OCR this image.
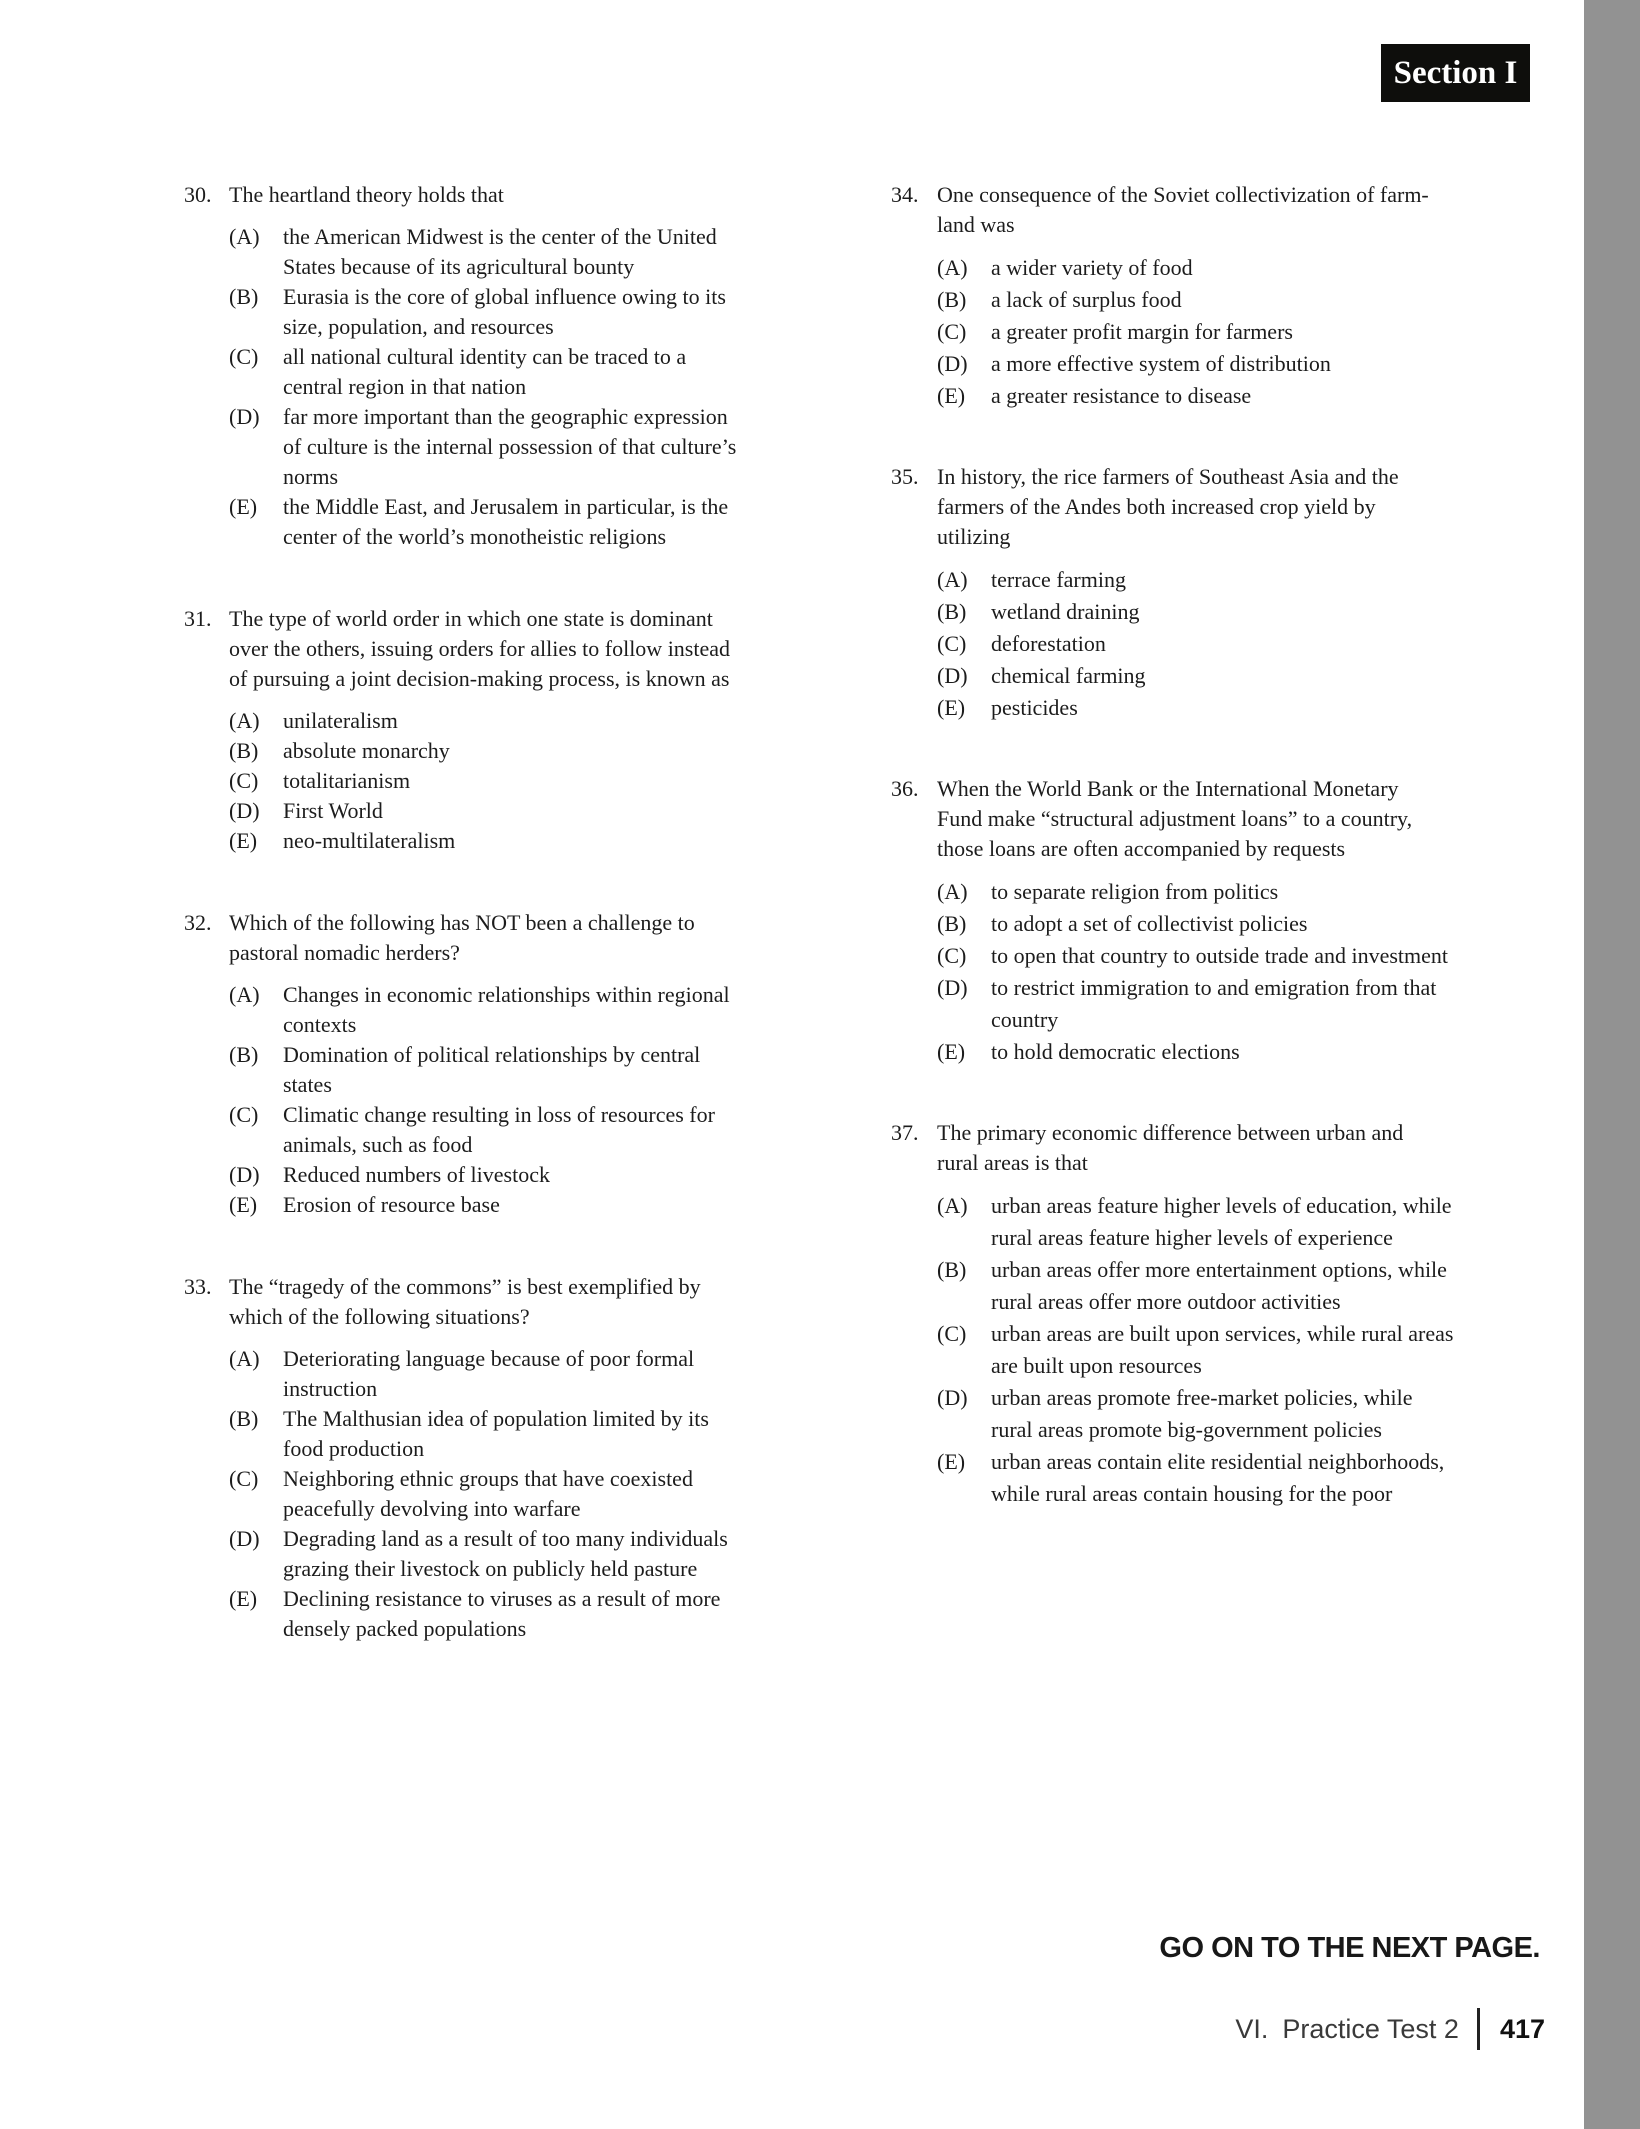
Section I
30. The heartland theory holds that
(A)	the American Midwest is the center of the United
States because of its agricultural bounty
(B)	Eurasia is the core of global influence owing to its
size, population, and resources
(C)	all national cultural identity can be traced to a
central region in that nation
(D)	far more important than the geographic expression
of culture is the internal possession of that culture’s
norms
(E)	the Middle East, and Jerusalem in particular, is the
center of the world’s monotheistic religions
31. The type of world order in which one state is dominant
over the others, issuing orders for allies to follow instead
of pursuing a joint decision-making process, is known as
(A)	unilateralism
(B)	absolute monarchy
(C)	totalitarianism
(D)	First World
(E)	neo-multilateralism
32. Which of the following has NOT been a challenge to
pastoral nomadic herders?
(A)	Changes in economic relationships within regional
contexts
(B)	Domination of political relationships by central
states
(C)	Climatic change resulting in loss of resources for
animals, such as food
(D)	Reduced numbers of livestock
(E)	Erosion of resource base
33. The “tragedy of the commons” is best exemplified by
which of the following situations?
(A)	Deteriorating language because of poor formal
instruction
(B)	The Malthusian idea of population limited by its
food production
(C)	Neighboring ethnic groups that have coexisted
peacefully devolving into warfare
(D)	Degrading land as a result of too many individuals
grazing their livestock on publicly held pasture
(E)	Declining resistance to viruses as a result of more
densely packed populations
34. One consequence of the Soviet collectivization of farm-
land was
(A)	a wider variety of food
(B)	a lack of surplus food
(C)	a greater profit margin for farmers
(D)	a more effective system of distribution
(E)	a greater resistance to disease
35. In history, the rice farmers of Southeast Asia and the
farmers of the Andes both increased crop yield by
utilizing
(A)	terrace farming
(B)	wetland draining
(C)	deforestation
(D)	chemical farming
(E)	pesticides
36. When the World Bank or the International Monetary
Fund make “structural adjustment loans” to a country,
those loans are often accompanied by requests
(A)	to separate religion from politics
(B)	to adopt a set of collectivist policies
(C)	to open that country to outside trade and investment
(D)	to restrict immigration to and emigration from that
country
(E)	to hold democratic elections
37. The primary economic difference between urban and
rural areas is that
(A)	urban areas feature higher levels of education, while
rural areas feature higher levels of experience
(B)	urban areas offer more entertainment options, while
rural areas offer more outdoor activities
(C)	urban areas are built upon services, while rural areas
are built upon resources
(D)	urban areas promote free-market policies, while
rural areas promote big-government policies
(E)	urban areas contain elite residential neighborhoods,
while rural areas contain housing for the poor
GO ON TO THE NEXT PAGE.
VI. Practice Test 2 417
